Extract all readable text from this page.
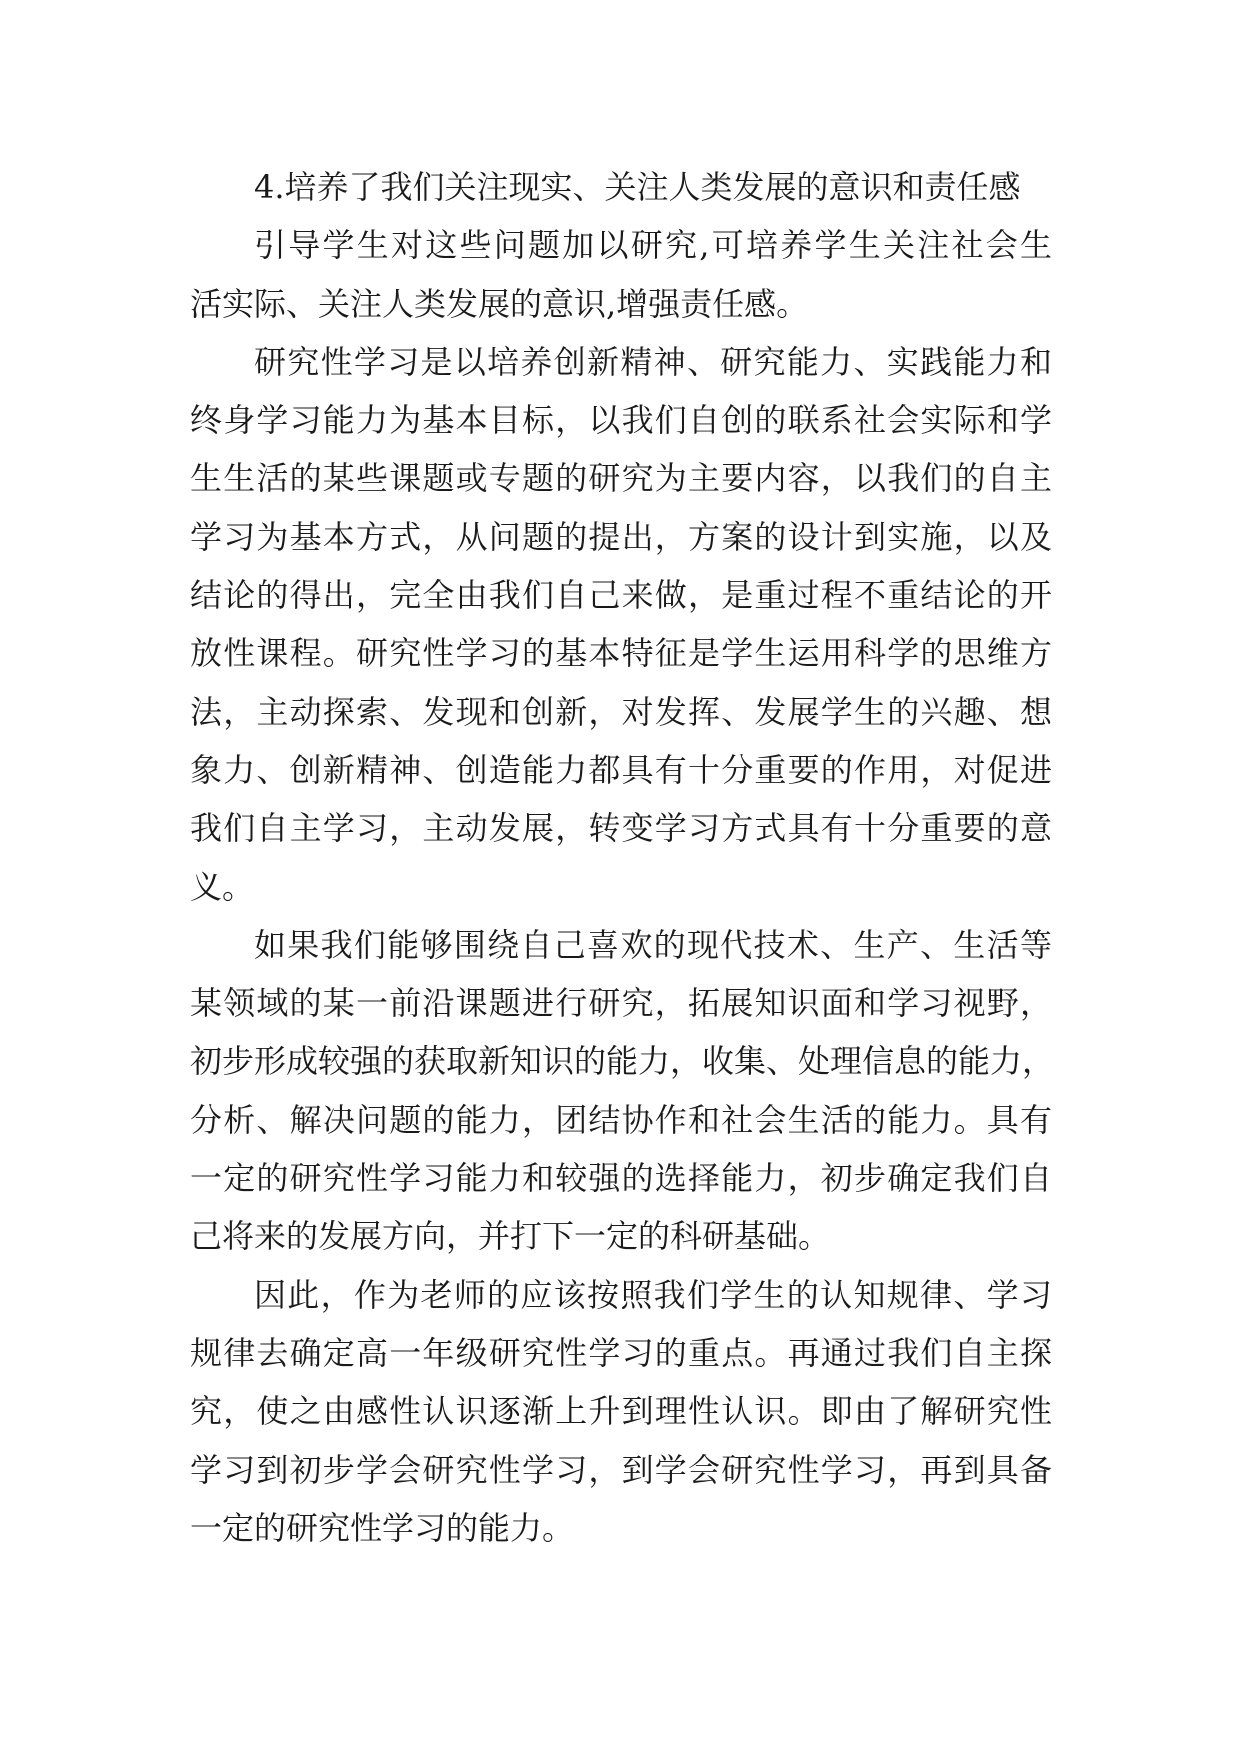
4.培养了我们关注现实、关注人类发展的意识和责任感
引导学生对这些问题加以研究,可培养学生关注社会生
活实际、关注人类发展的意识,增强责任感。
研究性学习是以培养创新精神、研究能力、实践能力和
终身学习能力为基本目标，以我们自创的联系社会实际和学
生生活的某些课题或专题的研究为主要内容，以我们的自主
学习为基本方式，从问题的提出，方案的设计到实施，以及
结论的得出，完全由我们自己来做，是重过程不重结论的开
放性课程。研究性学习的基本特征是学生运用科学的思维方
法，主动探索、发现和创新，对发挥、发展学生的兴趣、想
象力、创新精神、创造能力都具有十分重要的作用，对促进
我们自主学习，主动发展，转变学习方式具有十分重要的意
义。
如果我们能够围绕自己喜欢的现代技术、生产、生活等
某领域的某一前沿课题进行研究，拓展知识面和学习视野，
初步形成较强的获取新知识的能力，收集、处理信息的能力，
分析、解决问题的能力，团结协作和社会生活的能力。具有
一定的研究性学习能力和较强的选择能力，初步确定我们自
己将来的发展方向，并打下一定的科研基础。
因此，作为老师的应该按照我们学生的认知规律、学习
规律去确定高一年级研究性学习的重点。再通过我们自主探
究，使之由感性认识逐渐上升到理性认识。即由了解研究性
学习到初步学会研究性学习，到学会研究性学习，再到具备
一定的研究性学习的能力。
